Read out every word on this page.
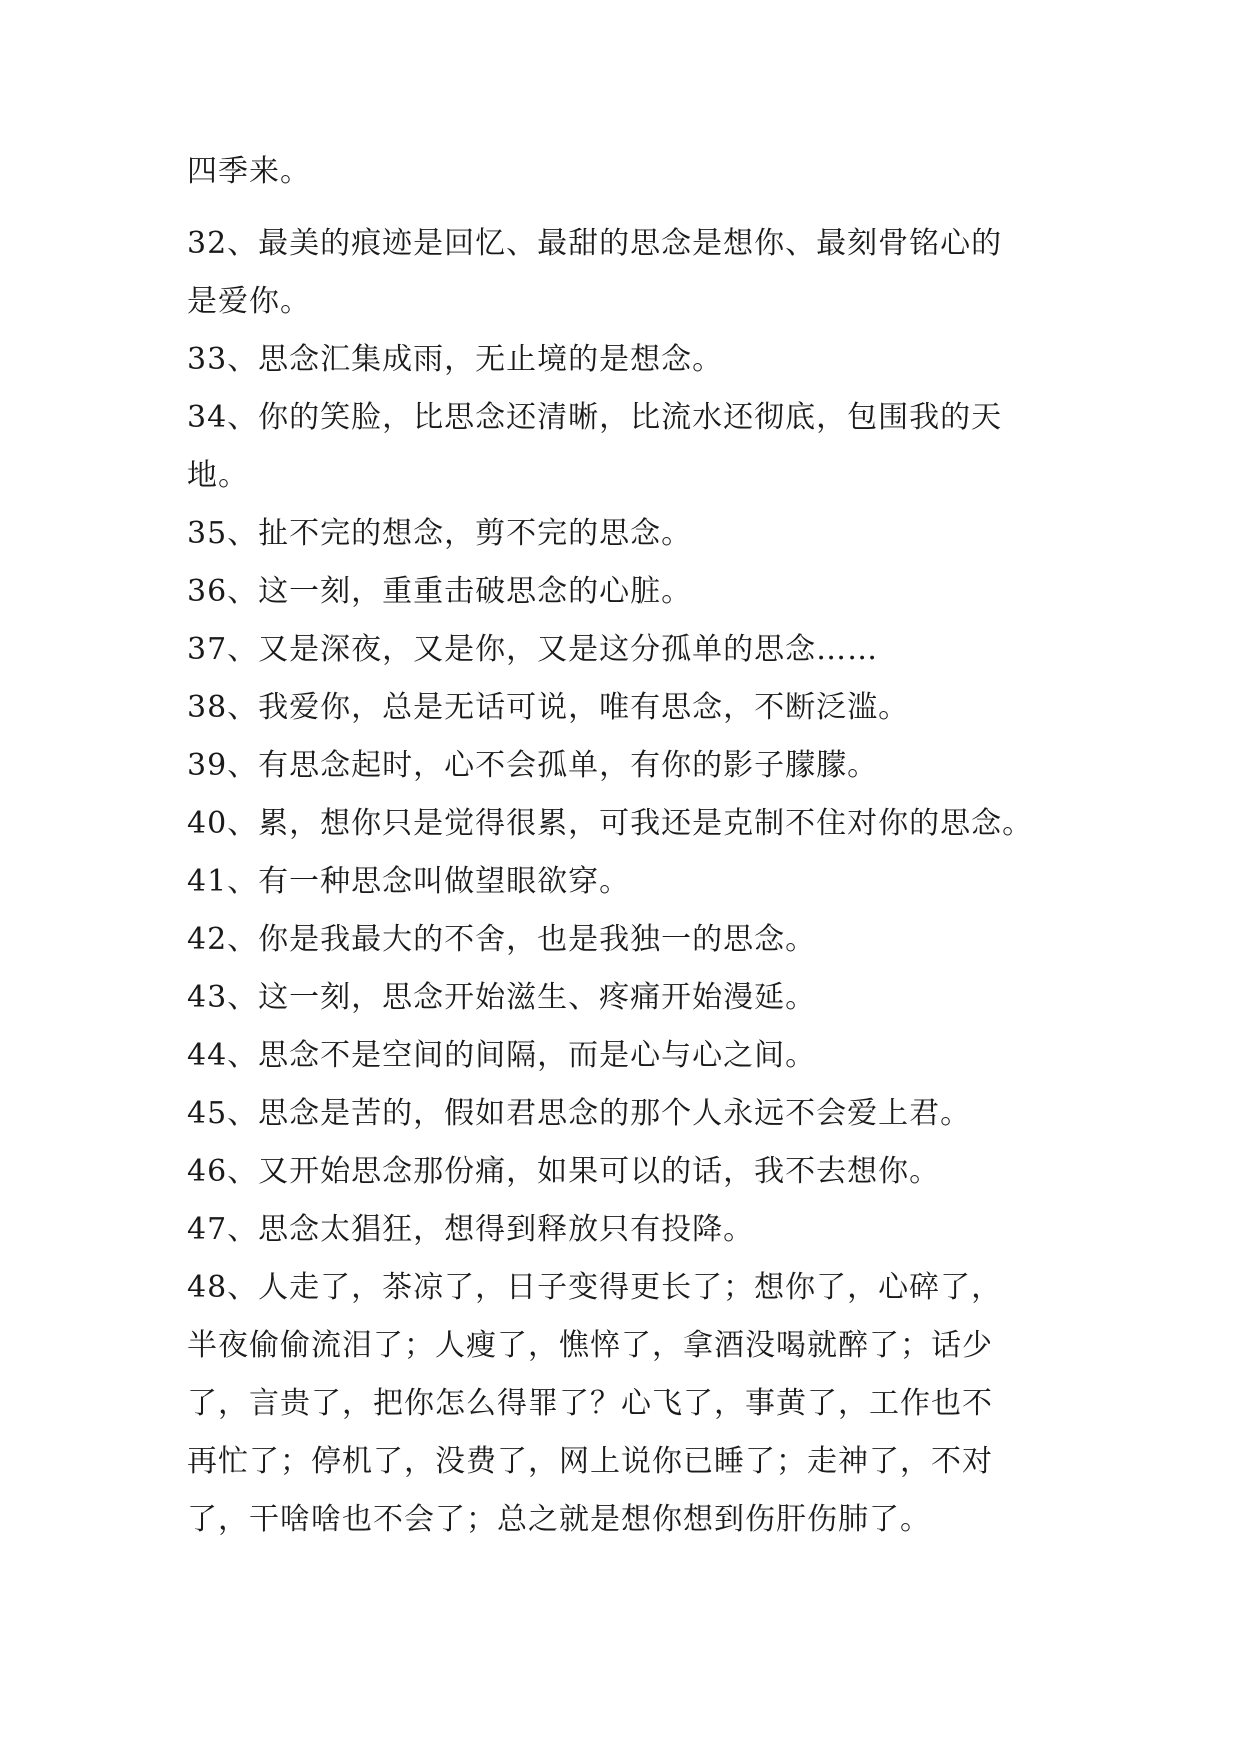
四季来。
32、最美的痕迹是回忆、最甜的思念是想你、最刻骨铭心的
是爱你。
33、思念汇集成雨，无止境的是想念。
34、你的笑脸，比思念还清晰，比流水还彻底，包围我的天
地。
35、扯不完的想念，剪不完的思念。
36、这一刻，重重击破思念的心脏。
37、又是深夜，又是你，又是这分孤单的思念……
38、我爱你，总是无话可说，唯有思念，不断泛滥。
39、有思念起时，心不会孤单，有你的影子朦朦。
40、累，想你只是觉得很累，可我还是克制不住对你的思念。
41、有一种思念叫做望眼欲穿。
42、你是我最大的不舍，也是我独一的思念。
43、这一刻，思念开始滋生、疼痛开始漫延。
44、思念不是空间的间隔，而是心与心之间。
45、思念是苦的，假如君思念的那个人永远不会爱上君。
46、又开始思念那份痛，如果可以的话，我不去想你。
47、思念太猖狂，想得到释放只有投降。
48、人走了，茶凉了，日子变得更长了；想你了，心碎了，
半夜偷偷流泪了；人瘦了，憔悴了，拿酒没喝就醉了；话少
了，言贵了，把你怎么得罪了？心飞了，事黄了，工作也不
再忙了；停机了，没费了，网上说你已睡了；走神了，不对
了，干啥啥也不会了；总之就是想你想到伤肝伤肺了。
